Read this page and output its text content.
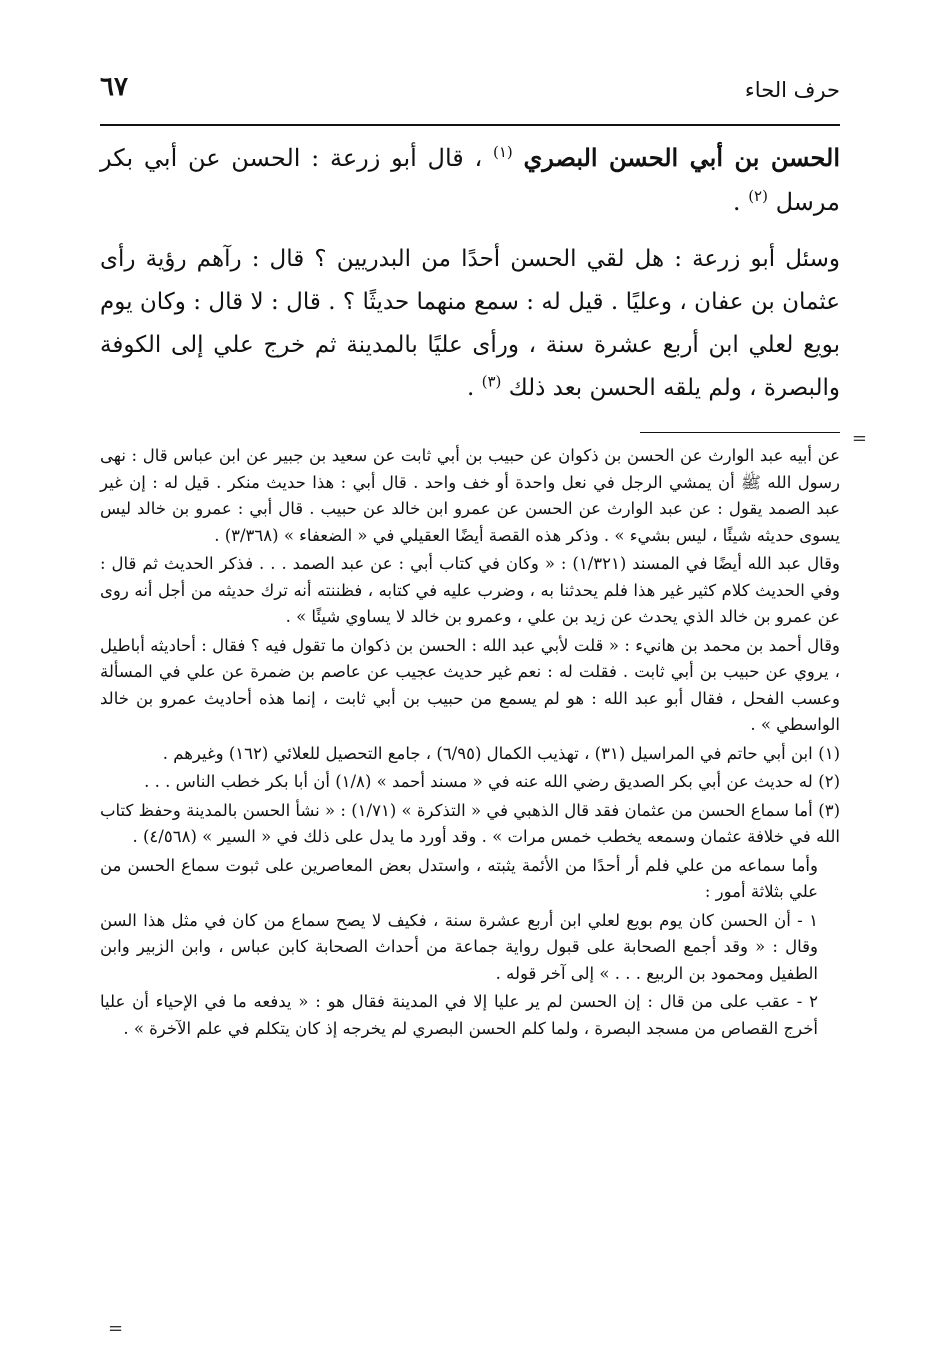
=
=
حرف الحاء
٦٧
الحسن بن أبي الحسن البصري $^{(١)}$ ، قال أبو زرعة : الحسن عن أبي بكر مرسل $^{(٢)}$ .
وسئل أبو زرعة : هل لقي الحسن أحدًا من البدريين ؟ قال : رآهم رؤية رأى عثمان بن عفان ، وعليًا . قيل له : سمع منهما حديثًا ؟ . قال : لا قال : وكان يوم بويع لعلي ابن أربع عشرة سنة ، ورأى عليًا بالمدينة ثم خرج علي إلى الكوفة والبصرة ، ولم يلقه الحسن بعد ذلك $^{(٣)}$ .

عن أبيه عبد الوارث عن الحسن بن ذكوان عن حبيب بن أبي ثابت عن سعيد بن جبير عن ابن عباس قال : نهى رسول الله ﷺ أن يمشي الرجل في نعل واحدة أو خف واحد . قال أبي : هذا حديث منكر . قيل له : إن غير عبد الصمد يقول : عن عبد الوارث عن الحسن عن عمرو ابن خالد عن حبيب . قال أبي : عمرو بن خالد ليس يسوى حديثه شيئًا ، ليس بشيء » . وذكر هذه القصة أيضًا العقيلي في « الضعفاء » (٣/٣٦٨) .

وقال عبد الله أيضًا في المسند (١/٣٢١) : « وكان في كتاب أبي : عن عبد الصمد . . . فذكر الحديث ثم قال : وفي الحديث كلام كثير غير هذا فلم يحدثنا به ، وضرب عليه في كتابه ، فظننته أنه ترك حديثه من أجل أنه روى عن عمرو بن خالد الذي يحدث عن زيد بن علي ، وعمرو بن خالد لا يساوي شيئًا » .

وقال أحمد بن محمد بن هانيء : « قلت لأبي عبد الله : الحسن بن ذكوان ما تقول فيه ؟ فقال : أحاديثه أباطيل ، يروي عن حبيب بن أبي ثابت . فقلت له : نعم غير حديث عجيب عن عاصم بن ضمرة عن علي في المسألة وعسب الفحل ، فقال أبو عبد الله : هو لم يسمع من حبيب بن أبي ثابت ، إنما هذه أحاديث عمرو بن خالد الواسطي » .

(١) ابن أبي حاتم في المراسيل (٣١) ، تهذيب الكمال (٦/٩٥) ، جامع التحصيل للعلائي (١٦٢) وغيرهم .

(٢) له حديث عن أبي بكر الصديق رضي الله عنه في « مسند أحمد » (١/٨) أن أبا بكر خطب الناس . . .

(٣) أما سماع الحسن من عثمان فقد قال الذهبي في « التذكرة » (١/٧١) : « نشأ الحسن بالمدينة وحفظ كتاب الله في خلافة عثمان وسمعه يخطب خمس مرات » . وقد أورد ما يدل على ذلك في « السير » (٤/٥٦٨) .

وأما سماعه من علي فلم أر أحدًا من الأئمة يثبته ، واستدل بعض المعاصرين على ثبوت سماع الحسن من علي بثلاثة أمور :

١ - أن الحسن كان يوم بويع لعلي ابن أربع عشرة سنة ، فكيف لا يصح سماع من كان في مثل هذا السن وقال : « وقد أجمع الصحابة على قبول رواية جماعة من أحداث الصحابة كابن عباس ، وابن الزبير وابن الطفيل ومحمود بن الربيع . . . » إلى آخر قوله .

٢ - عقب على من قال : إن الحسن لم ير عليا إلا في المدينة فقال هو : « يدفعه ما في الإحياء أن عليا أخرج القصاص من مسجد البصرة ، ولما كلم الحسن البصري لم يخرجه إذ كان يتكلم في علم الآخرة » .
